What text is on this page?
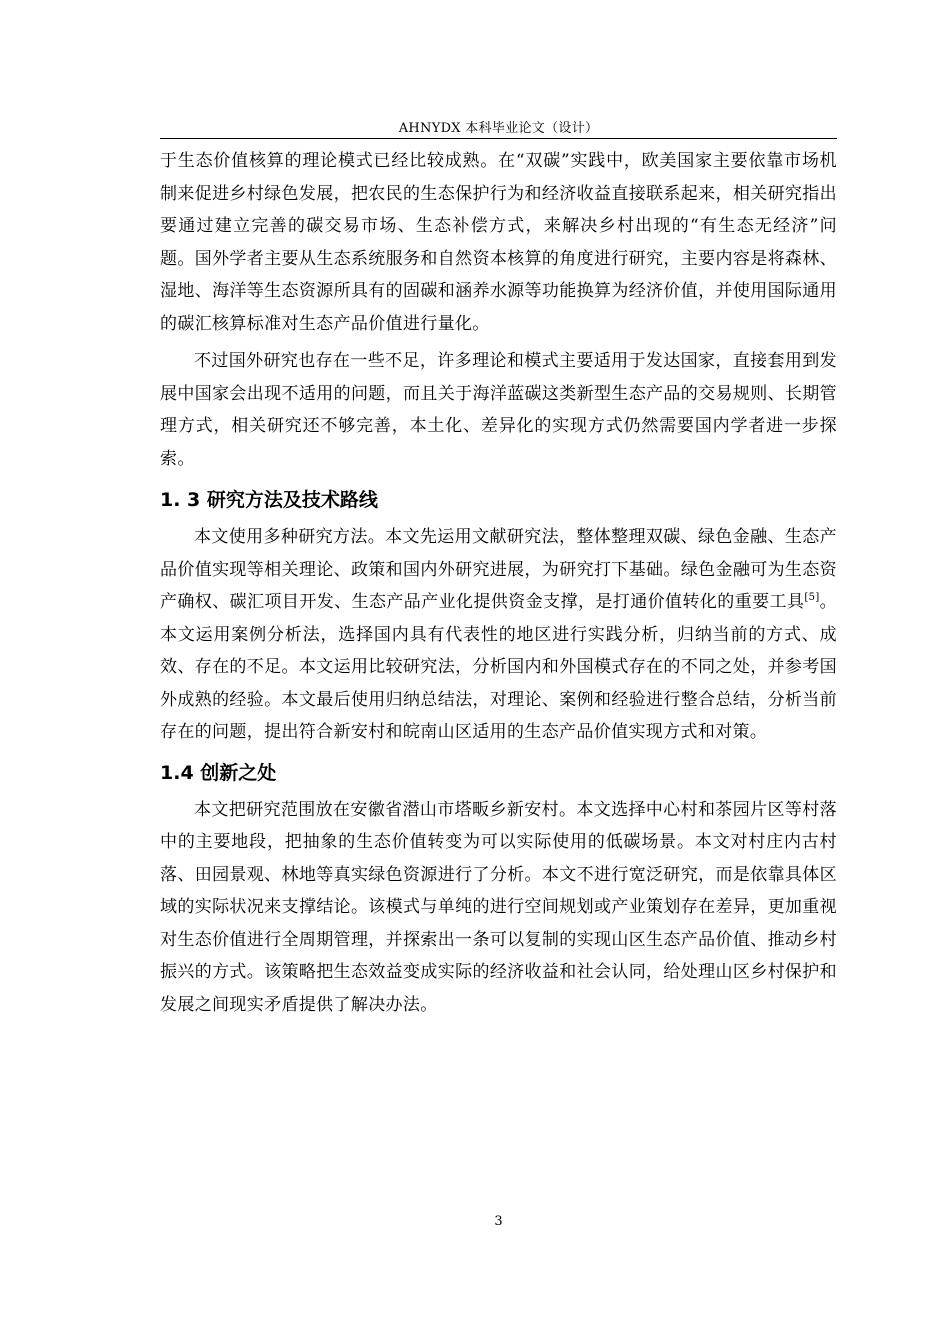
AHNYDX 本科毕业论文（设计）

于生态价值核算的理论模式已经比较成熟。在“双碳”实践中，欧美国家主要依靠市场机制来促进乡村绿色发展，把农民的生态保护行为和经济收益直接联系起来，相关研究指出要通过建立完善的碳交易市场、生态补偿方式，来解决乡村出现的“有生态无经济”问题。国外学者主要从生态系统服务和自然资本核算的角度进行研究，主要内容是将森林、湿地、海洋等生态资源所具有的固碳和涵养水源等功能换算为经济价值，并使用国际通用的碳汇核算标准对生态产品价值进行量化。

不过国外研究也存在一些不足，许多理论和模式主要适用于发达国家，直接套用到发展中国家会出现不适用的问题，而且关于海洋蓝碳这类新型生态产品的交易规则、长期管理方式，相关研究还不够完善，本土化、差异化的实现方式仍然需要国内学者进一步探索。

1. 3 研究方法及技术路线

本文使用多种研究方法。本文先运用文献研究法，整体整理双碳、绿色金融、生态产品价值实现等相关理论、政策和国内外研究进展，为研究打下基础。绿色金融可为生态资产确权、碳汇项目开发、生态产品产业化提供资金支撑，是打通价值转化的重要工具[5]。本文运用案例分析法，选择国内具有代表性的地区进行实践分析，归纳当前的方式、成效、存在的不足。本文运用比较研究法，分析国内和外国模式存在的不同之处，并参考国外成熟的经验。本文最后使用归纳总结法，对理论、案例和经验进行整合总结，分析当前存在的问题，提出符合新安村和皖南山区适用的生态产品价值实现方式和对策。

1.4 创新之处

本文把研究范围放在安徽省潜山市塔畈乡新安村。本文选择中心村和茶园片区等村落中的主要地段，把抽象的生态价值转变为可以实际使用的低碳场景。本文对村庄内古村落、田园景观、林地等真实绿色资源进行了分析。本文不进行宽泛研究，而是依靠具体区域的实际状况来支撑结论。该模式与单纯的进行空间规划或产业策划存在差异，更加重视对生态价值进行全周期管理，并探索出一条可以复制的实现山区生态产品价值、推动乡村振兴的方式。该策略把生态效益变成实际的经济收益和社会认同，给处理山区乡村保护和发展之间现实矛盾提供了解决办法。

3
